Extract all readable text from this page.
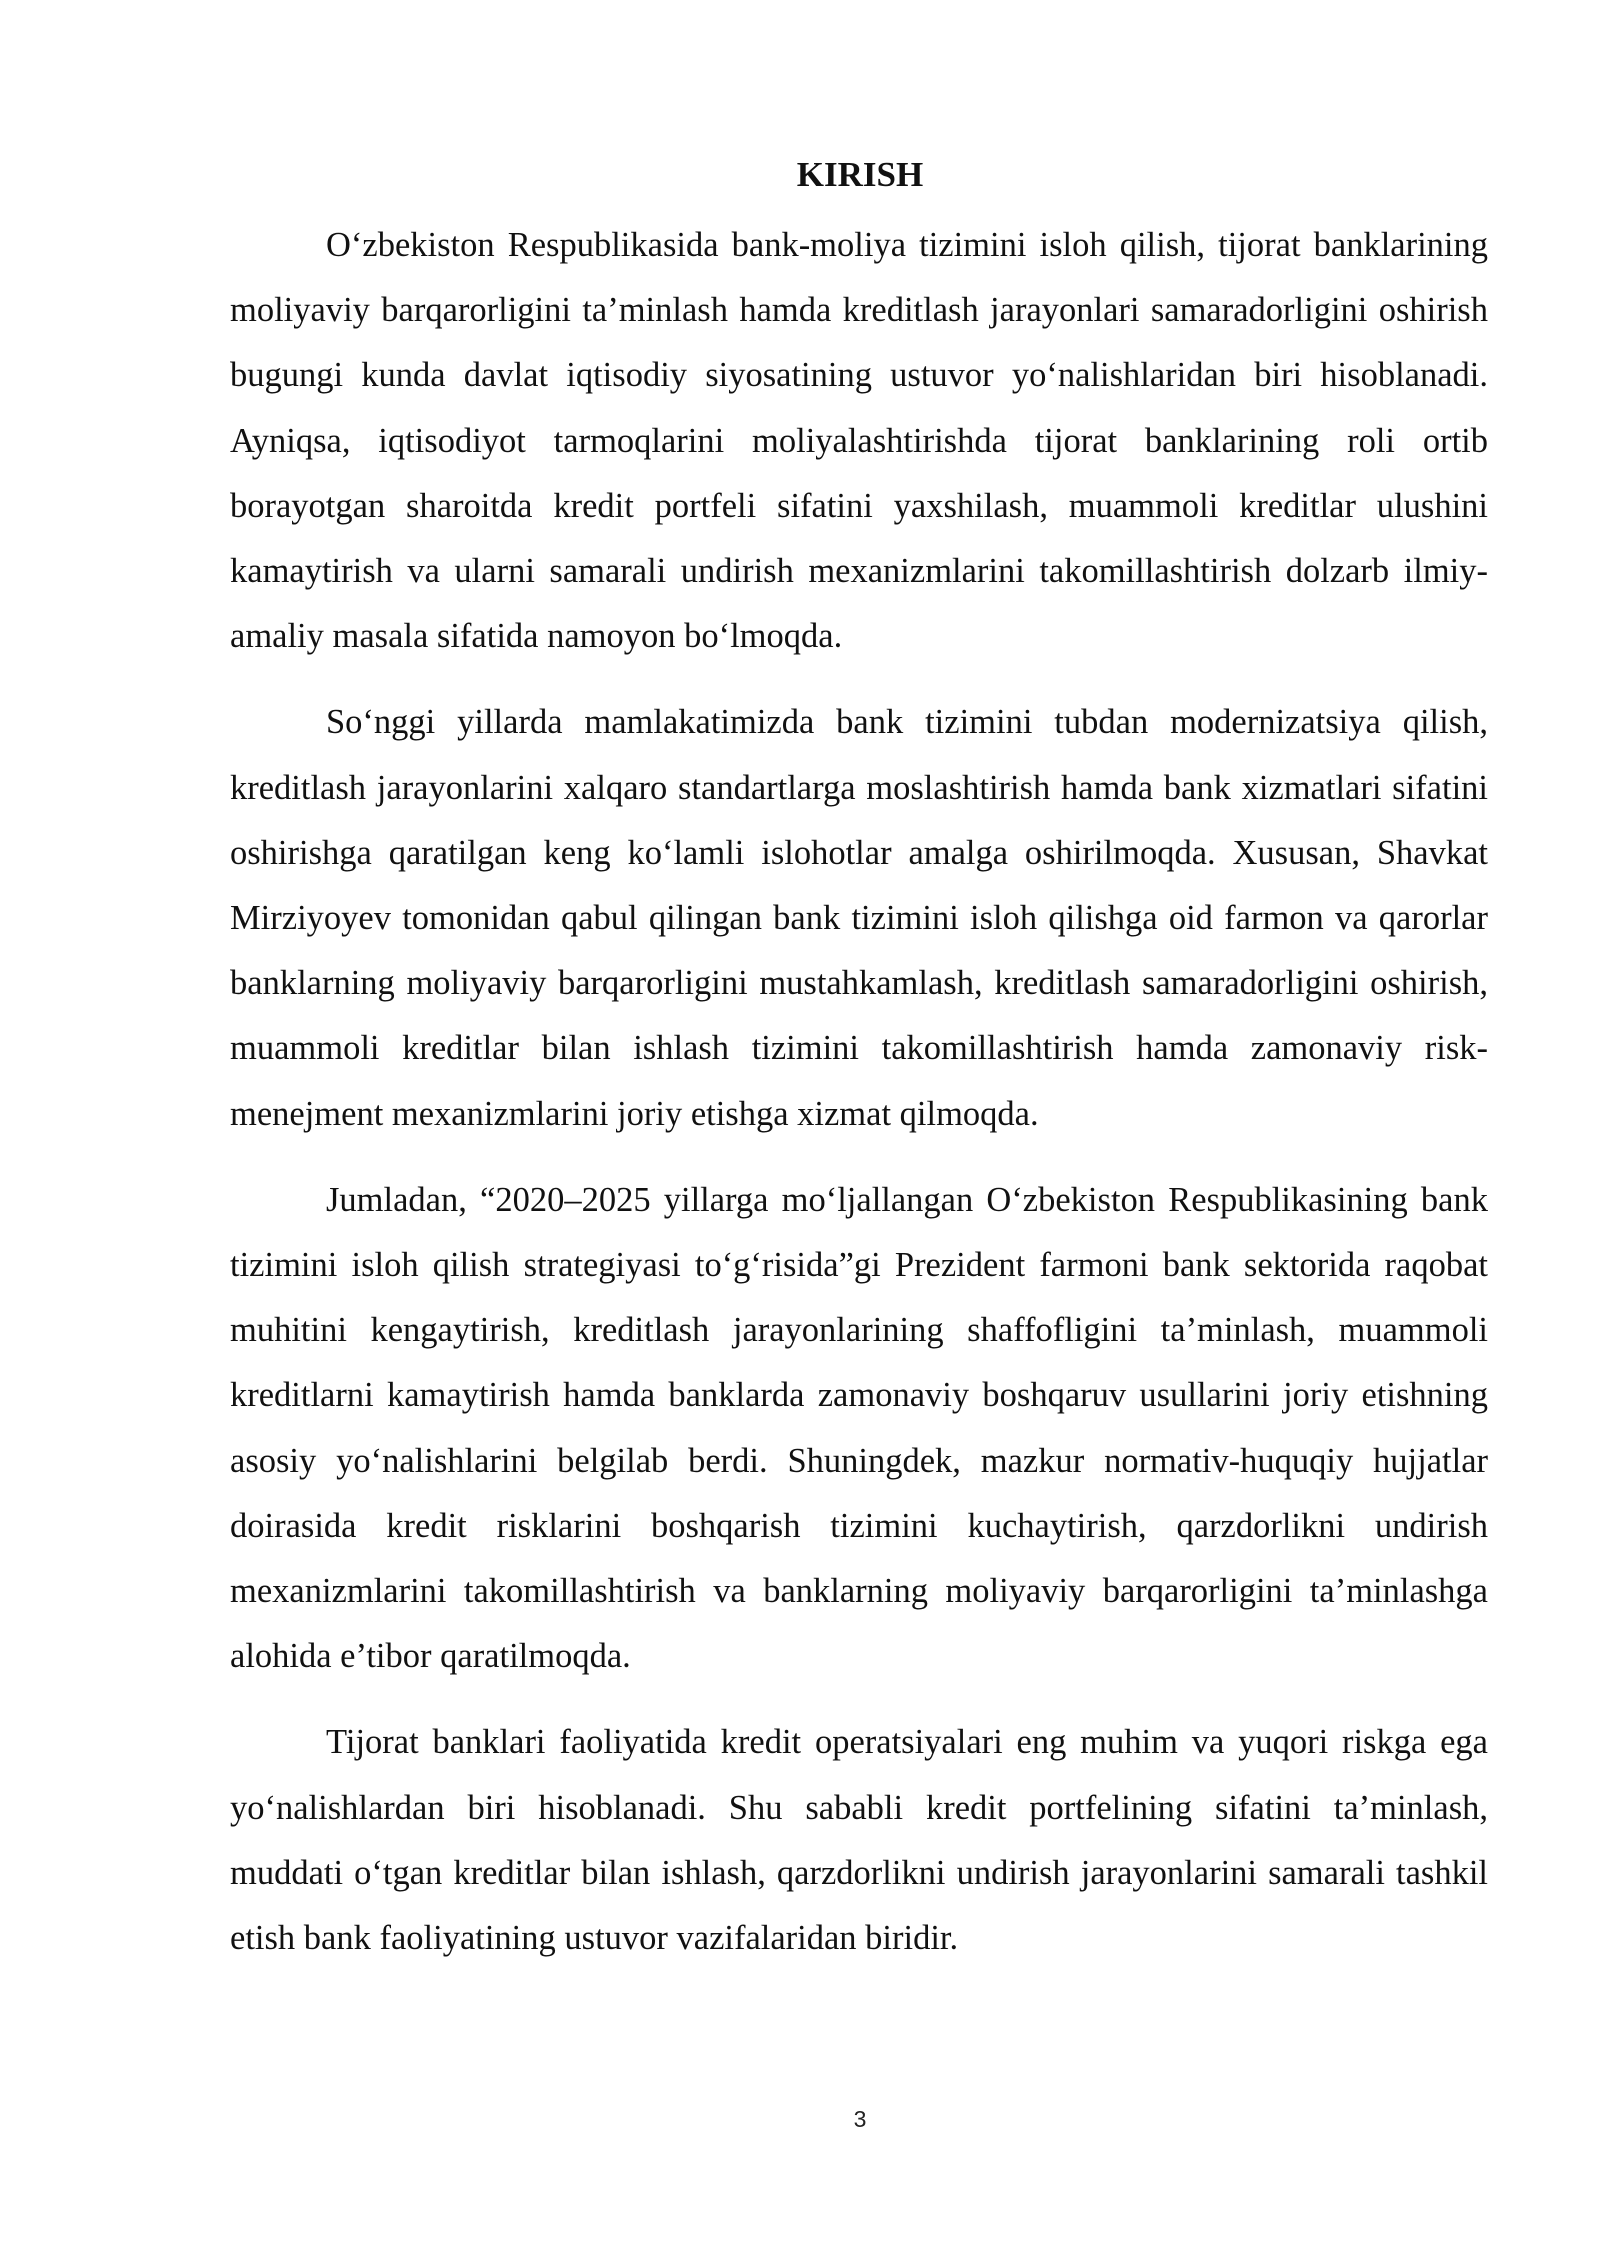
KIRISH

O‘zbekiston Respublikasida bank-moliya tizimini isloh qilish, tijorat banklarining moliyaviy barqarorligini ta’minlash hamda kreditlash jarayonlari samaradorligini oshirish bugungi kunda davlat iqtisodiy siyosatining ustuvor yo‘nalishlaridan biri hisoblanadi. Ayniqsa, iqtisodiyot tarmoqlarini moliyalashtirishda tijorat banklarining roli ortib borayotgan sharoitda kredit portfeli sifatini yaxshilash, muammoli kreditlar ulushini kamaytirish va ularni samarali undirish mexanizmlarini takomillashtirish dolzarb ilmiy-amaliy masala sifatida namoyon bo‘lmoqda.

So‘nggi yillarda mamlakatimizda bank tizimini tubdan modernizatsiya qilish, kreditlash jarayonlarini xalqaro standartlarga moslashtirish hamda bank xizmatlari sifatini oshirishga qaratilgan keng ko‘lamli islohotlar amalga oshirilmoqda. Xususan, Shavkat Mirziyoyev tomonidan qabul qilingan bank tizimini isloh qilishga oid farmon va qarorlar banklarning moliyaviy barqarorligini mustahkamlash, kreditlash samaradorligini oshirish, muammoli kreditlar bilan ishlash tizimini takomillashtirish hamda zamonaviy risk-menejment mexanizmlarini joriy etishga xizmat qilmoqda.

Jumladan, “2020–2025 yillarga mo‘ljallangan O‘zbekiston Respublikasining bank tizimini isloh qilish strategiyasi to‘g‘risida”gi Prezident farmoni bank sektorida raqobat muhitini kengaytirish, kreditlash jarayonlarining shaffofligini ta’minlash, muammoli kreditlarni kamaytirish hamda banklarda zamonaviy boshqaruv usullarini joriy etishning asosiy yo‘nalishlarini belgilab berdi. Shuningdek, mazkur normativ-huquqiy hujjatlar doirasida kredit risklarini boshqarish tizimini kuchaytirish, qarzdorlikni undirish mexanizmlarini takomillashtirish va banklarning moliyaviy barqarorligini ta’minlashga alohida e’tibor qaratilmoqda.

Tijorat banklari faoliyatida kredit operatsiyalari eng muhim va yuqori riskga ega yo‘nalishlardan biri hisoblanadi. Shu sababli kredit portfelining sifatini ta’minlash, muddati o‘tgan kreditlar bilan ishlash, qarzdorlikni undirish jarayonlarini samarali tashkil etish bank faoliyatining ustuvor vazifalaridan biridir.

3
